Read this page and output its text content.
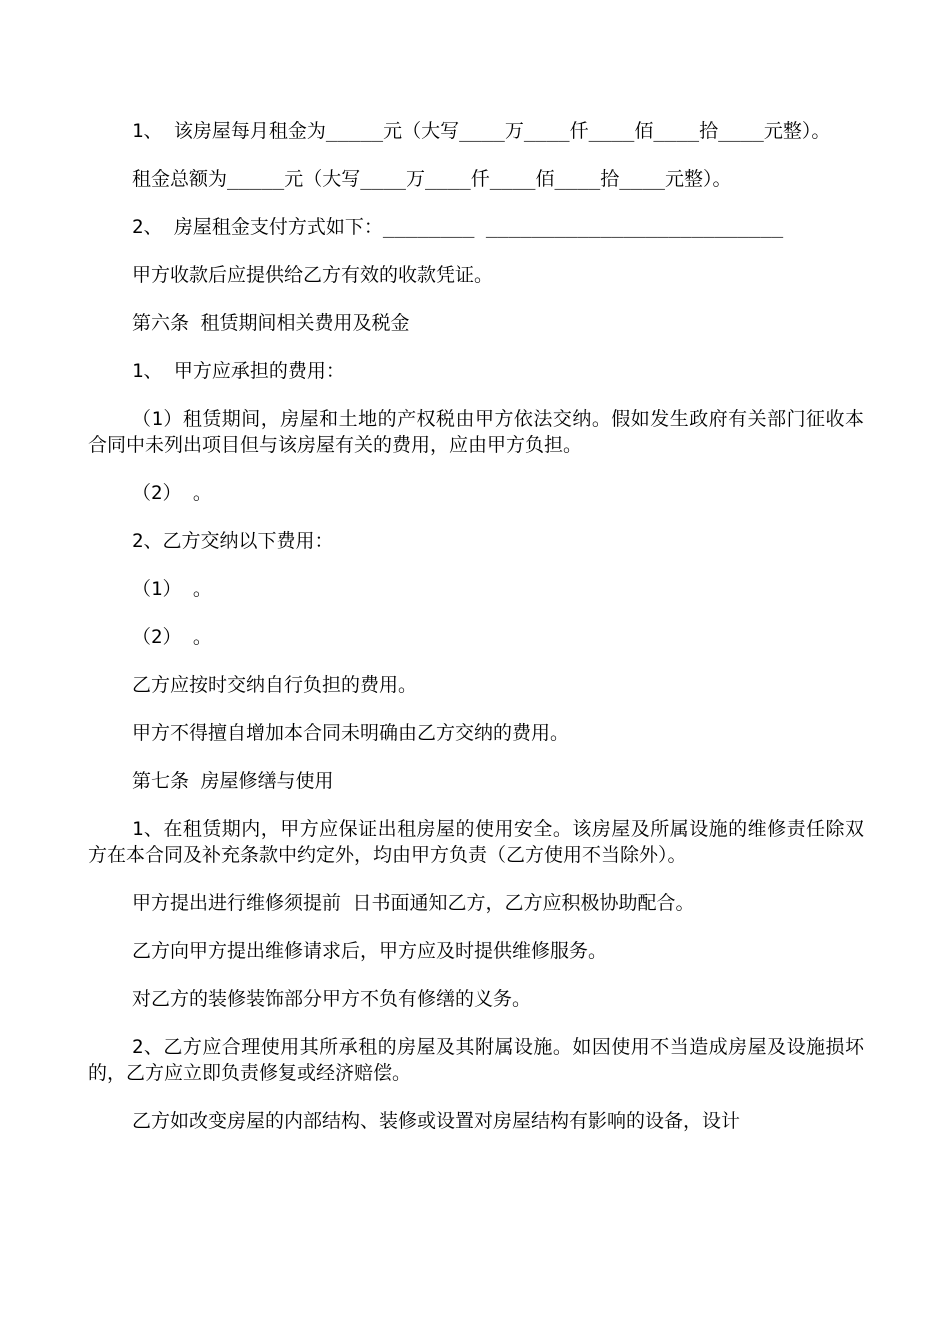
1、 该房屋每月租金为_____元（大写____万____仟____佰____拾____元整）。

租金总额为_____元（大写____万____仟____佰____拾____元整）。

2、 房屋租金支付方式如下：________ __________________________

甲方收款后应提供给乙方有效的收款凭证。

第六条 租赁期间相关费用及税金

1、 甲方应承担的费用：

（1）租赁期间，房屋和土地的产权税由甲方依法交纳。假如发生政府有关部门征收本合同中未列出项目但与该房屋有关的费用，应由甲方负担。

（2） 。

2、乙方交纳以下费用：

（1） 。

（2） 。

乙方应按时交纳自行负担的费用。

甲方不得擅自增加本合同未明确由乙方交纳的费用。

第七条 房屋修缮与使用

1、在租赁期内，甲方应保证出租房屋的使用安全。该房屋及所属设施的维修责任除双方在本合同及补充条款中约定外，均由甲方负责（乙方使用不当除外）。

甲方提出进行维修须提前 日书面通知乙方，乙方应积极协助配合。

乙方向甲方提出维修请求后，甲方应及时提供维修服务。

对乙方的装修装饰部分甲方不负有修缮的义务。

2、乙方应合理使用其所承租的房屋及其附属设施。如因使用不当造成房屋及设施损坏的，乙方应立即负责修复或经济赔偿。

乙方如改变房屋的内部结构、装修或设置对房屋结构有影响的设备，设计
